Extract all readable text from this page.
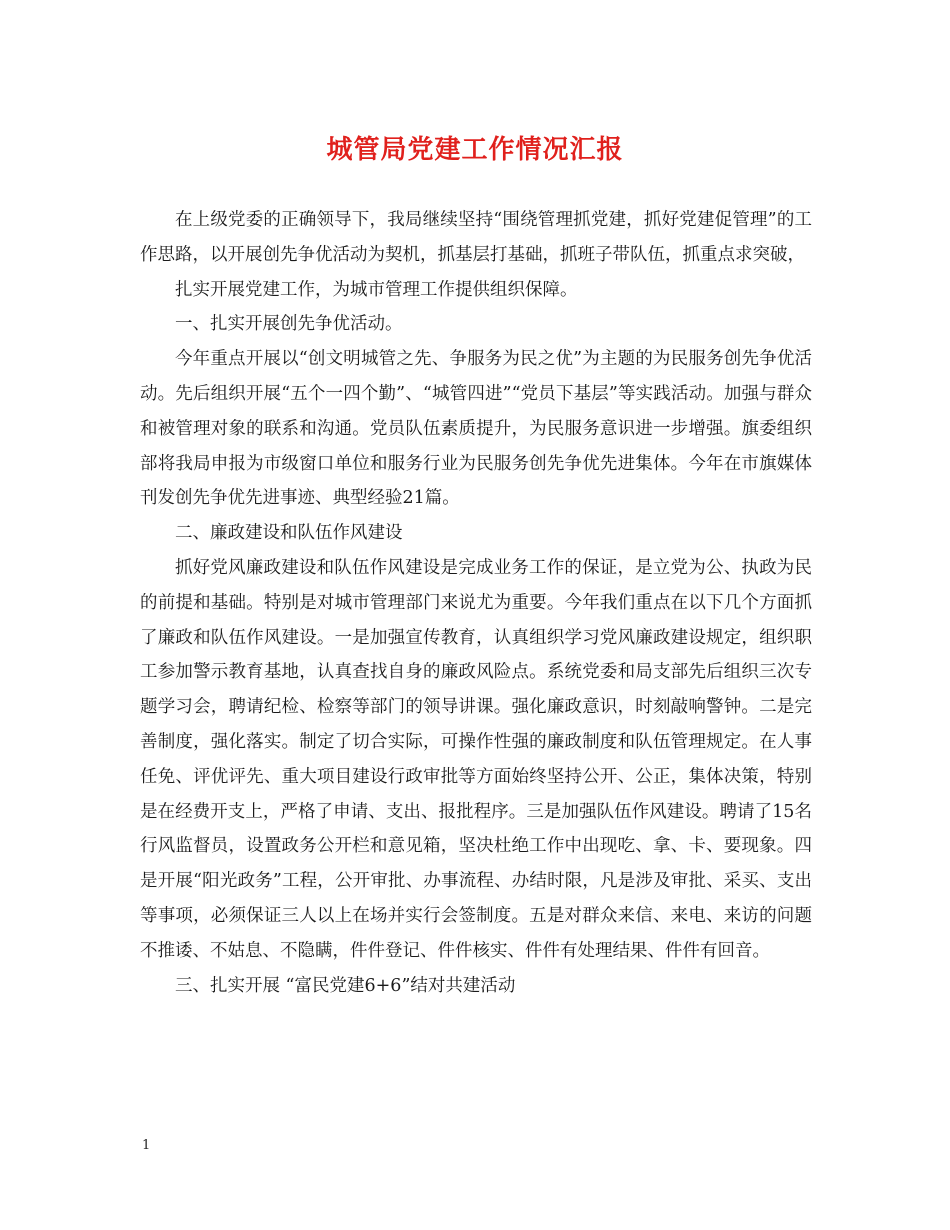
城管局党建工作情况汇报

在上级党委的正确领导下，我局继续坚持“围绕管理抓党建，抓好党建促管理”的工作思路，以开展创先争优活动为契机，抓基层打基础，抓班子带队伍，抓重点求突破，

扎实开展党建工作，为城市管理工作提供组织保障。

一、扎实开展创先争优活动。

今年重点开展以“创文明城管之先、争服务为民之优”为主题的为民服务创先争优活动。先后组织开展“五个一四个勤”、“城管四进”“党员下基层”等实践活动。加强与群众和被管理对象的联系和沟通。党员队伍素质提升，为民服务意识进一步增强。旗委组织部将我局申报为市级窗口单位和服务行业为民服务创先争优先进集体。今年在市旗媒体刊发创先争优先进事迹、典型经验21篇。

二、廉政建设和队伍作风建设

抓好党风廉政建设和队伍作风建设是完成业务工作的保证，是立党为公、执政为民的前提和基础。特别是对城市管理部门来说尤为重要。今年我们重点在以下几个方面抓了廉政和队伍作风建设。一是加强宣传教育，认真组织学习党风廉政建设规定，组织职工参加警示教育基地，认真查找自身的廉政风险点。系统党委和局支部先后组织三次专题学习会，聘请纪检、检察等部门的领导讲课。强化廉政意识，时刻敲响警钟。二是完善制度，强化落实。制定了切合实际，可操作性强的廉政制度和队伍管理规定。在人事任免、评优评先、重大项目建设行政审批等方面始终坚持公开、公正，集体决策，特别是在经费开支上，严格了申请、支出、报批程序。三是加强队伍作风建设。聘请了15名行风监督员，设置政务公开栏和意见箱，坚决杜绝工作中出现吃、拿、卡、要现象。四是开展“阳光政务”工程，公开审批、办事流程、办结时限，凡是涉及审批、采买、支出等事项，必须保证三人以上在场并实行会签制度。五是对群众来信、来电、来访的问题不推诿、不姑息、不隐瞒，件件登记、件件核实、件件有处理结果、件件有回音。

三、扎实开展 “富民党建6+6”结对共建活动

1
